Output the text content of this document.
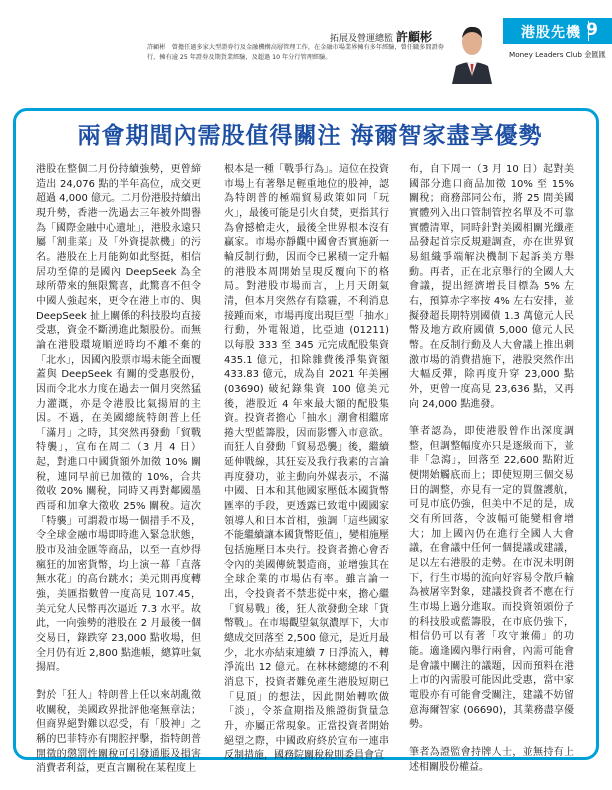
拓展及營運總監 許顧彬
許顧彬　曾擔任過多家大型證券行及金融機構高層管理工作，在金融市場業界擁有多年經驗，曾任職多間證券行，擁有逾 25 年證券及期貨業經驗，及超過 10 年分行管理經驗。
港股先機 9
Money Leaders Club 金匯匯
兩會期間內需股值得關注 海爾智家盡享優勢

港股在整個二月份持續強勢，更曾締造出 24,076 點的半年高位，成交更超過 4,000 億元。二月份港股持續出現升勢，香港一洗過去三年被外間譽為「國際金融中心遺址」，港股永遠只屬「割韭菜」及「外資提款機」的污名。港股在上月能夠如此堅挺，相信居功至偉的是國內 DeepSeek 為全球所帶來的無限驚喜，此驚喜不但令中國人強起來，更令在港上市的、與 DeepSeek 扯上關係的科技股均直接受惠，資金不斷湧進此類股份。而無論在港股環境順逆時均不離不棄的「北水」，因國內股票市場未能全面覆蓋與 DeepSeek 有關的受惠股份，因而令北水力度在過去一個月突然猛力灌溉，亦是令港股比氣揚眉的主因。不過，在美國總統特朗普上任「滿月」之時，其突然再發動「貿戰特襲」，宣布在周二（3 月 4 日）起，對進口中國貨額外加徵 10% 關稅，連同早前已加徵的 10%，合共徵收 20% 關稅，同時又再對鄰國墨西哥和加拿大徵收 25% 關稅。這次「特襲」可謂殺市場一個措手不及，令全球金融市場即時進入緊急狀態，股市及油金匯等商品，以至一直炒得瘋狂的加密貨幣，均上演一幕「直落無水花」的高台跳水；美元則再度轉強，美匯指數曾一度高見 107.45，美元兌人民幣再次逼近 7.3 水平。故此，一向強勢的港股在 2 月最後一個交易日，錄跌穿 23,000 點收場，但全月仍有近 2,800 點進帳，總算吐氣揚眉。

對於「狂人」特朗普上任以來胡亂徵收關稅，美國政界批評他毫無章法；但商界絕對難以忍受，有「股神」之稱的巴菲特亦有開腔抨擊，指特朗普開徵的懲罰性關稅可引發通脹及損害消費者利益，更直言關稅在某程度上

根本是一種「戰爭行為」。這位在投資市場上有著舉足輕重地位的股神，認為特朗普的極端貿易政策如同「玩火」，最後可能是引火自焚，更指其行為會撼槍走火，最後全世界根本沒有贏家。市場亦靜觀中國會否實施新一輪反制行動，因而令已累積一定升幅的港股本周開始呈現反覆向下的格局。對港股市場而言，上月天朗氣清，但本月突然存有陰霾，不利消息接踵而來，市場再度出現巨型「抽水」行動，外電報道，比亞迪 (01211) 以每股 333 至 345 元完成配股集資 435.1 億元，扣除雜費後淨集資額 433.83 億元，成為自 2021 年美團 (03690) 破紀錄集資 100 億美元後，港股近 4 年來最大額的配股集資。投資者擔心「抽水」潮會相繼席捲大型藍籌股，因而影響入市意欲。而狂人自發動「貿易恐襲」後，繼續延伸戰線，其狂妄及我行我素的言論再度發功，並主動向外媒表示，不滿中國、日本和其他國家壓低本國貨幣匯率的手段，更透露已致電中國國家領導人和日本首相，強調「這些國家不能繼續讓本國貨幣貶值」，變相施壓包括施壓日本央行。投資者擔心會否令內的美國傳統製造商，並增強其在全球企業的市場佔有率。雖言論一出，令投資者不禁悲從中來，擔心繼「貿易戰」後，狂人欲發動全球「貨幣戰」。在市場觀望氣氛濃厚下，大市總成交回落至 2,500 億元，是近月最少，北水亦結束連續 7 日淨流入，轉淨流出 12 億元。在林林總總的不利消息下，投資者難免產生港股短期已「見頂」的想法，因此開始轉吹做「淡」，令茶盒期指及熊證街貨量急升，亦屬正常現象。正當投資者開始絕望之際，中國政府終於宣布一連串反制措施，國務院關稅稅則委員會宣

布，自下周一（3 月 10 日）起對美國部分進口商品加徵 10% 至 15% 關稅；商務部同公布，將 25 間美國實體列入出口管制管控名單及不可靠實體清單，同時針對美國相關光纖產品發起首宗反規避調查，亦在世界貿易組織爭端解決機制下起訴美方舉動。再者，正在北京舉行的全國人大會議，提出經濟增長目標為 5% 左右，預算赤字率按 4% 左右安排，並擬發超長期特別國債 1.3 萬億元人民幣及地方政府國債 5,000 億元人民幣。在反制行動及人大會議上推出刺激市場的消費措施下，港股突然作出大幅反彈，除再度升穿 23,000 點外，更曾一度高見 23,636 點，又再向 24,000 點進發。

筆者認為，即使港股曾作出深度調整，但調整幅度亦只是逐級而下，並非「急瀉」，回落至 22,600 點附近便開始觸底而上；即使短期三個交易日的調整，亦見有一定的買盤護航，可見市底仍強，但美中不足的是，成交有所回落，令波幅可能變相會增大；加上國內仍在進行全國人大會議，在會議中任何一個提議或建議，足以左右港股的走勢。在市況未明朗下，行生市場的流向好容易令散戶輸為被屠宰對象，建議投資者不應在行生市場上過分進取。而投資領頭份子的科技股或藍籌股，在市底仍強下，相信仍可以有著「攻守兼備」的功能。適逢國內舉行兩會，內需可能會是會議中關注的議題，因而預料在港上市的內需股可能因此受惠，當中家電股亦有可能會受關注，建議不妨留意海爾智家 (06690)，其業務盡享優勢。

筆者為證監會持牌人士，並無持有上述相關股份權益。
